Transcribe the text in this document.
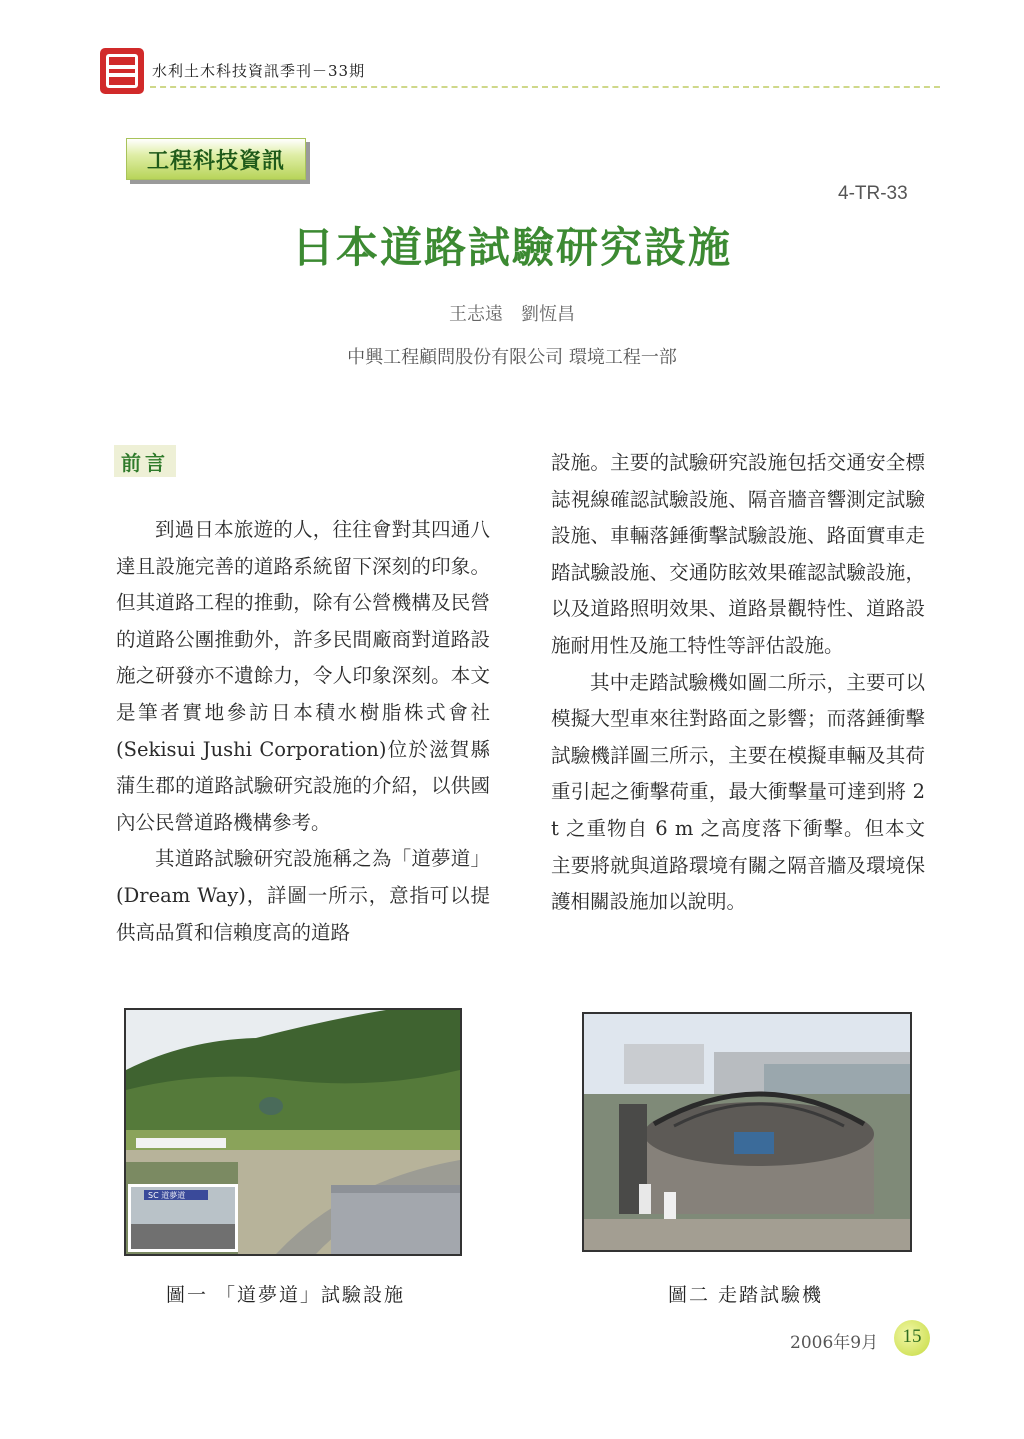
水利土木科技資訊季刊－33期
工程科技資訊
4-TR-33
日本道路試驗研究設施
王志遠　劉恆昌
中興工程顧問股份有限公司 環境工程一部
前言

到過日本旅遊的人，往往會對其四通八達且設施完善的道路系統留下深刻的印象。但其道路工程的推動，除有公營機構及民營的道路公團推動外，許多民間廠商對道路設施之研發亦不遺餘力，令人印象深刻。本文是筆者實地參訪日本積水樹脂株式會社(Sekisui Jushi Corporation)位於滋賀縣蒲生郡的道路試驗研究設施的介紹，以供國內公民營道路機構參考。

其道路試驗研究設施稱之為「道夢道」(Dream Way)，詳圖一所示，意指可以提供高品質和信賴度高的道路

設施。主要的試驗研究設施包括交通安全標誌視線確認試驗設施、隔音牆音響測定試驗設施、車輛落錘衝擊試驗設施、路面實車走踏試驗設施、交通防眩效果確認試驗設施，以及道路照明效果、道路景觀特性、道路設施耐用性及施工特性等評估設施。

其中走踏試驗機如圖二所示，主要可以模擬大型車來往對路面之影響；而落錘衝擊試驗機詳圖三所示，主要在模擬車輛及其荷重引起之衝擊荷重，最大衝擊量可達到將 2 t 之重物自 6 m 之高度落下衝擊。但本文主要將就與道路環境有關之隔音牆及環境保護相關設施加以說明。

SC 道夢道
圖一 「道夢道」試驗設施	圖二 走踏試驗機
2006年9月	15
